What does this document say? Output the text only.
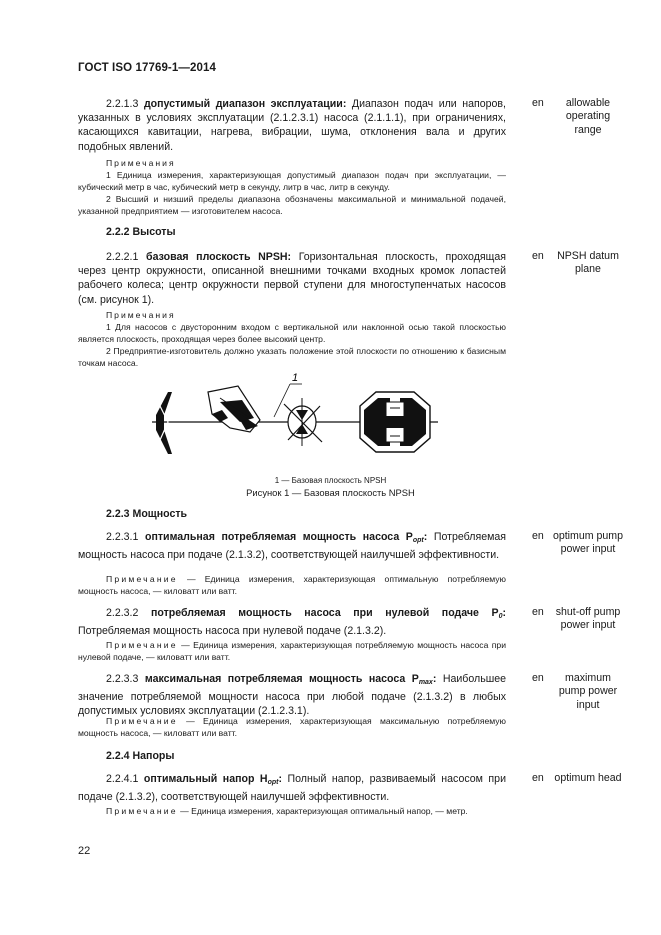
ГОСТ ISO 17769-1—2014
2.2.1.3 допустимый диапазон эксплуатации: Диапазон подач или напоров, указанных в условиях эксплуатации (2.1.2.3.1) насоса (2.1.1.1), при ограничениях, касающихся кавитации, нагрева, вибрации, шума, отклонения вала и других подобных явлений.
en	allowable operating range
Примечания
1 Единица измерения, характеризующая допустимый диапазон подач при эксплуатации, — кубический метр в час, кубический метр в секунду, литр в час, литр в секунду.
2 Высший и низший пределы диапазона обозначены максимальной и минимальной подачей, указанной предприятием — изготовителем насоса.
2.2.2 Высоты
2.2.2.1 базовая плоскость NPSH: Горизонтальная плоскость, проходящая через центр окружности, описанной внешними точками входных кромок лопастей рабочего колеса; центр окружности первой ступени для многоступенчатых насосов (см. рисунок 1).
en	NPSH datum plane
Примечания
1 Для насосов с двусторонним входом с вертикальной или наклонной осью такой плоскостью является плоскость, проходящая через более высокий центр.
2 Предприятие-изготовитель должно указать положение этой плоскости по отношению к базисным точкам насоса.
1
1 — Базовая плоскость NPSH
Рисунок 1 — Базовая плоскость NPSH
2.2.3 Мощность
2.2.3.1 оптимальная потребляемая мощность насоса $P_{opt}$: Потребляемая мощность насоса при подаче (2.1.3.2), соответствующей наилучшей эффективности.
en optimum pump power input
Примечание — Единица измерения, характеризующая оптимальную потребляемую мощность насоса, — киловатт или ватт.
2.2.3.2 потребляемая мощность насоса при нулевой подаче $P_0$: Потребляемая мощность насоса при нулевой подаче (2.1.3.2).
en	shut-off pump power input
Примечание — Единица измерения, характеризующая потребляемую мощность насоса при нулевой подаче, — киловатт или ватт.
2.2.3.3 максимальная потребляемая мощность насоса $P_{max}$: Наибольшее значение потребляемой мощности насоса при любой подаче (2.1.3.2) в любых допустимых условиях эксплуатации (2.1.2.3.1).
en	maximum pump power input
Примечание — Единица измерения, характеризующая максимальную потребляемую мощность насоса, — киловатт или ватт.
2.2.4 Напоры
2.2.4.1 оптимальный напор $H_{opt}$: Полный напор, развиваемый насосом при подаче (2.1.3.2), соответствующей наилучшей эффективности.
en optimum head
Примечание — Единица измерения, характеризующая оптимальный напор, — метр.
22
